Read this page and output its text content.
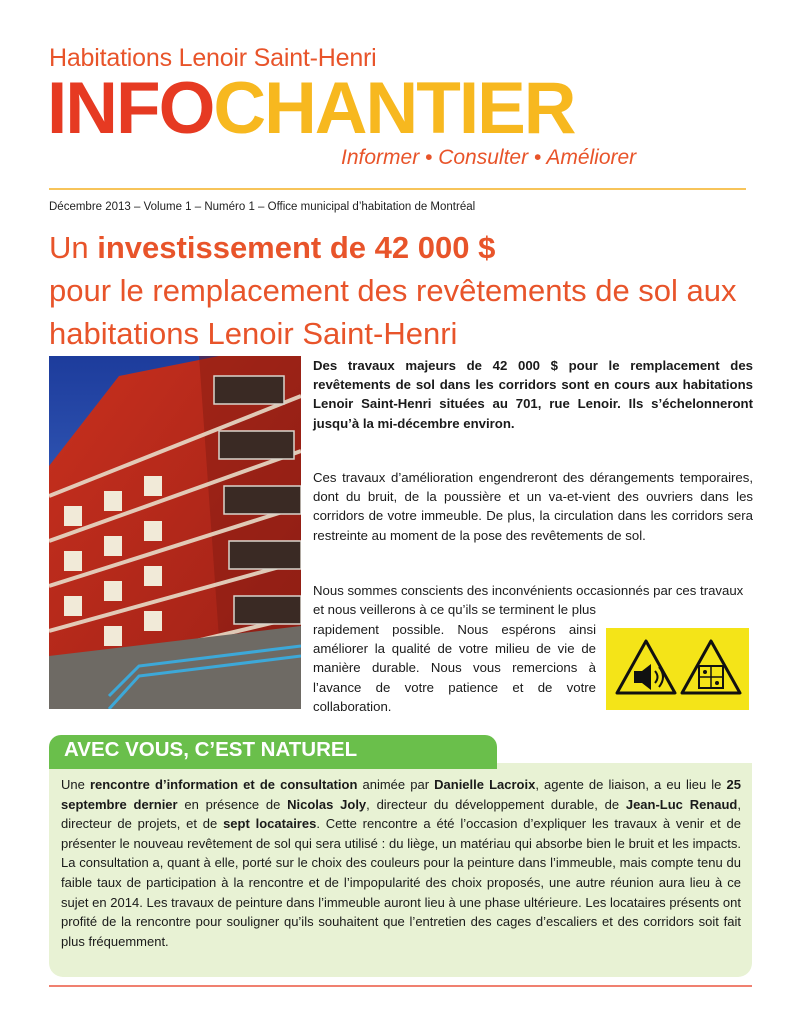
Habitations Lenoir Saint-Henri
INFOCHANTIER
Informer • Consulter • Améliorer
Décembre 2013 – Volume 1 – Numéro 1 – Office municipal d’habitation de Montréal
Un investissement de 42 000 $
pour le remplacement des revêtements de sol aux habitations Lenoir Saint-Henri
Des travaux majeurs de 42 000 $ pour le remplacement des revêtements de sol dans les corridors sont en cours aux habitations Lenoir Saint-Henri situées au 701, rue Lenoir. Ils s’échelonneront jusqu’à la mi-décembre environ.
Ces travaux d’amélioration engendreront des dérangements temporaires, dont du bruit, de la poussière et un va-et-vient des ouvriers dans les corridors de votre immeuble. De plus, la circulation dans les corridors sera restreinte au moment de la pose des revêtements de sol.
Nous sommes conscients des inconvénients occasionnés par ces travaux et nous veillerons à ce qu’ils se terminent le plus
rapidement possible. Nous espérons ainsi améliorer la qualité de votre milieu de vie de manière durable. Nous vous remercions à l’avance de votre patience et de votre collaboration.
AVEC VOUS, C’EST NATUREL
Une rencontre d’information et de consultation animée par Danielle Lacroix, agente de liaison, a eu lieu le 25 septembre dernier en présence de Nicolas Joly, directeur du développement durable, de Jean-Luc Renaud, directeur de projets, et de sept locataires. Cette rencontre a été l’occasion d’expliquer les travaux à venir et de présenter le nouveau revêtement de sol qui sera utilisé : du liège, un matériau qui absorbe bien le bruit et les impacts. La consultation a, quant à elle, porté sur le choix des couleurs pour la peinture dans l’immeuble, mais compte tenu du faible taux de participation à la rencontre et de l’impopularité des choix proposés, une autre réunion aura lieu à ce sujet en 2014. Les travaux de peinture dans l’immeuble auront lieu à une phase ultérieure. Les locataires présents ont profité de la rencontre pour souligner qu’ils souhaitent que l’entretien des cages d’escaliers et des corridors soit fait plus fréquemment.
